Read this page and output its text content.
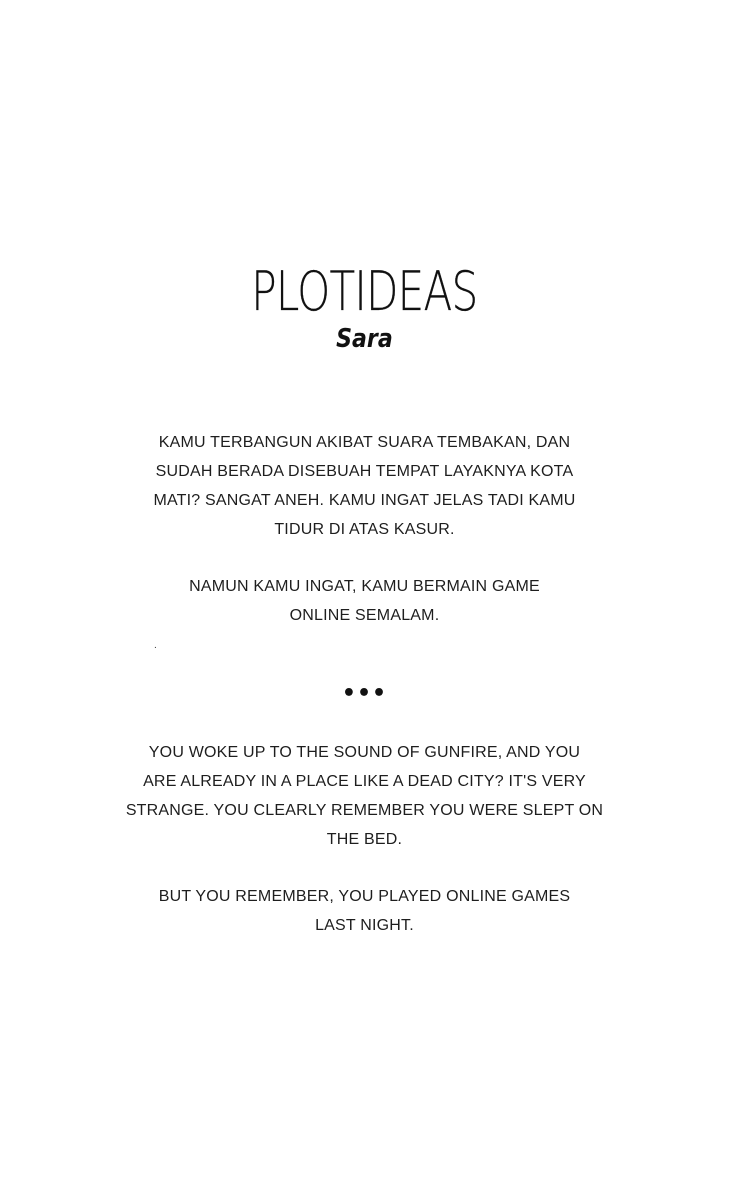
PLOTIDEAS
Sara

KAMU TERBANGUN AKIBAT SUARA TEMBAKAN, DAN
SUDAH BERADA DISEBUAH TEMPAT LAYAKNYA KOTA
MATI? SANGAT ANEH. KAMU INGAT JELAS TADI KAMU
TIDUR DI ATAS KASUR.

NAMUN KAMU INGAT, KAMU BERMAIN GAME
ONLINE SEMALAM.

.
•••

YOU WOKE UP TO THE SOUND OF GUNFIRE, AND YOU
ARE ALREADY IN A PLACE LIKE A DEAD CITY? IT'S VERY
STRANGE. YOU CLEARLY REMEMBER YOU WERE SLEPT ON
THE BED.

BUT YOU REMEMBER, YOU PLAYED ONLINE GAMES
LAST NIGHT.
